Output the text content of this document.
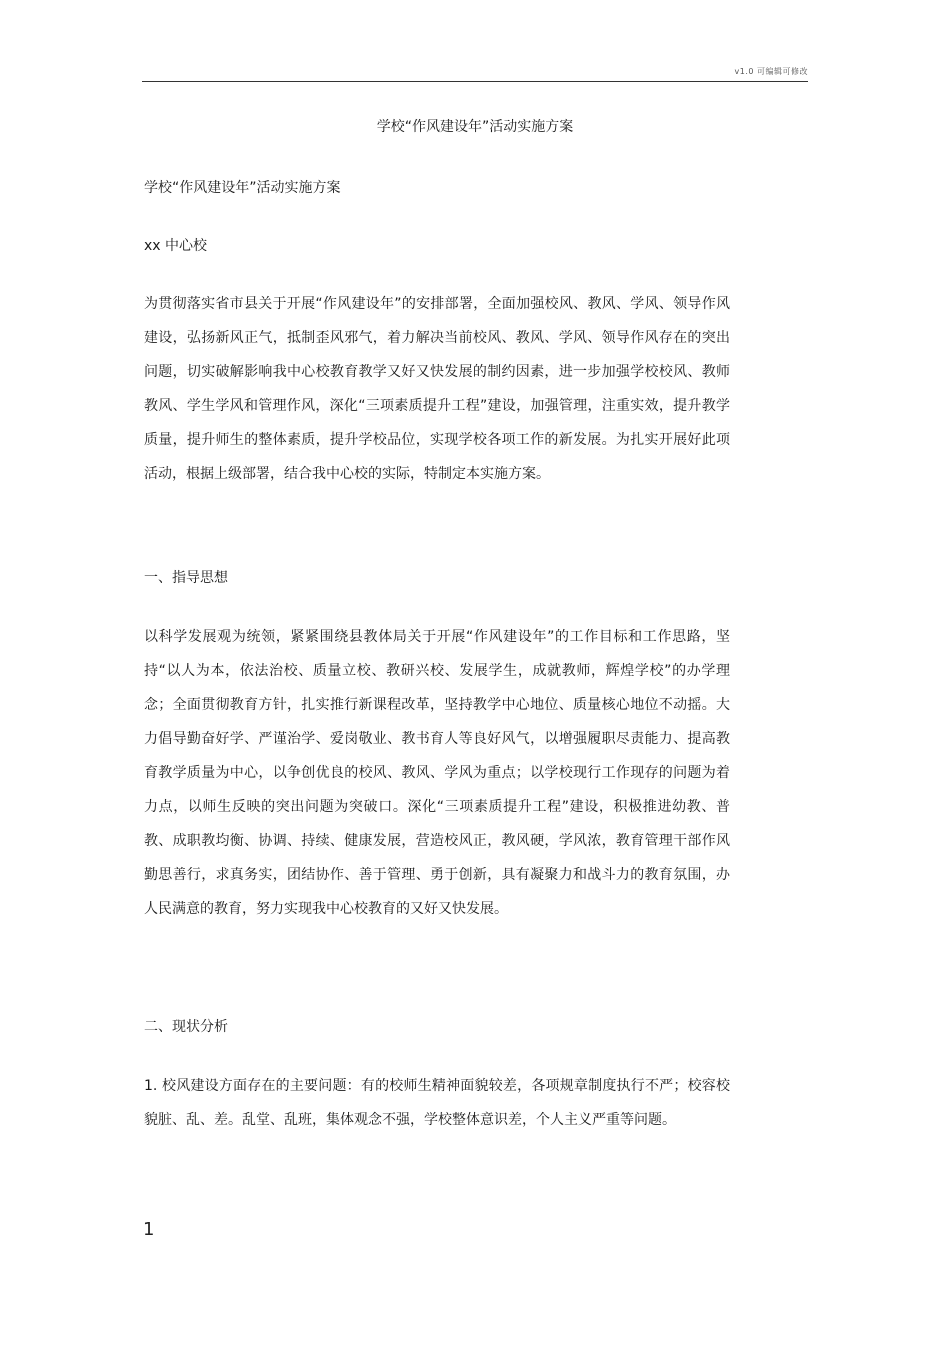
v1.0 可编辑可修改
学校“作风建设年”活动实施方案
学校“作风建设年”活动实施方案
xx 中心校
为贯彻落实省市县关于开展“作风建设年”的安排部署，全面加强校风、教风、学风、领导作风建设，弘扬新风正气，抵制歪风邪气，着力解决当前校风、教风、学风、领导作风存在的突出问题，切实破解影响我中心校教育教学又好又快发展的制约因素，进一步加强学校校风、教师教风、学生学风和管理作风，深化“三项素质提升工程”建设，加强管理，注重实效，提升教学质量，提升师生的整体素质，提升学校品位，实现学校各项工作的新发展。为扎实开展好此项活动，根据上级部署，结合我中心校的实际，特制定本实施方案。
一、指导思想
以科学发展观为统领，紧紧围绕县教体局关于开展“作风建设年”的工作目标和工作思路，坚持“以人为本，依法治校、质量立校、教研兴校、发展学生，成就教师，辉煌学校”的办学理念；全面贯彻教育方针，扎实推行新课程改革，坚持教学中心地位、质量核心地位不动摇。大力倡导勤奋好学、严谨治学、爱岗敬业、教书育人等良好风气，以增强履职尽责能力、提高教育教学质量为中心，以争创优良的校风、教风、学风为重点；以学校现行工作现存的问题为着力点，以师生反映的突出问题为突破口。深化“三项素质提升工程”建设，积极推进幼教、普教、成职教均衡、协调、持续、健康发展，营造校风正，教风硬，学风浓，教育管理干部作风勤思善行，求真务实，团结协作、善于管理、勇于创新，具有凝聚力和战斗力的教育氛围，办人民满意的教育，努力实现我中心校教育的又好又快发展。
二、现状分析
1. 校风建设方面存在的主要问题：有的校师生精神面貌较差，各项规章制度执行不严；校容校貌脏、乱、差。乱堂、乱班，集体观念不强，学校整体意识差，个人主义严重等问题。
1
